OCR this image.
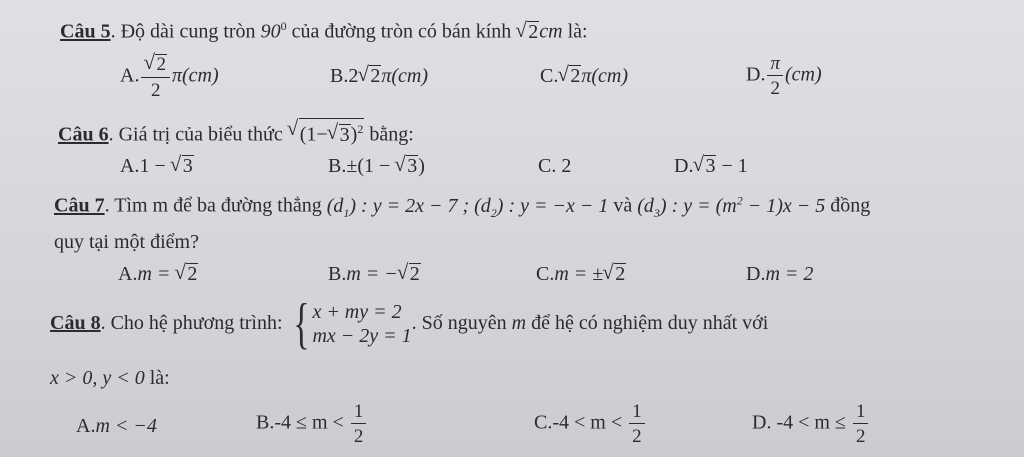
Câu 5. Độ dài cung tròn $90^0$ của đường tròn có bán kính √ 2cm là:
A. √ $\frac{2}{2} \pi(cm)$	B.2 √ 2π(cm)	C. √ 2π(cm)	D. $\frac{\pi}{2} (cm)$
Câu 6. Giá trị của biểu thức √ (1− √ 3)$^2$ bằng:
A.1 − √ 3	B.±(1 − √ 3)	C. 2	D. √ 3 − 1
Câu 7. Tìm m để ba đường thẳng $(d_1)$ : y = 2x − 7 ; $(d_2)$ : y = −x − 1 và $(d_3)$ : $y = (m^2 - 1)x - 5$ đồng
quy tại một điểm?
A.m = √ 2	B.m = − √ 2	C.m = ± √ 2	D.m = 2
Câu 8. Cho hệ phương trình: { x + my = 2
mx − 2y = 1
. Số nguyên m để hệ có nghiệm duy nhất với
x > 0, y < 0 là:
A.m < −4	$B.-4 \le m < \frac{1}{2}$	$C.-4 < m < \frac{1}{2}$	D. $-4 < m \le \frac{1}{2}$
